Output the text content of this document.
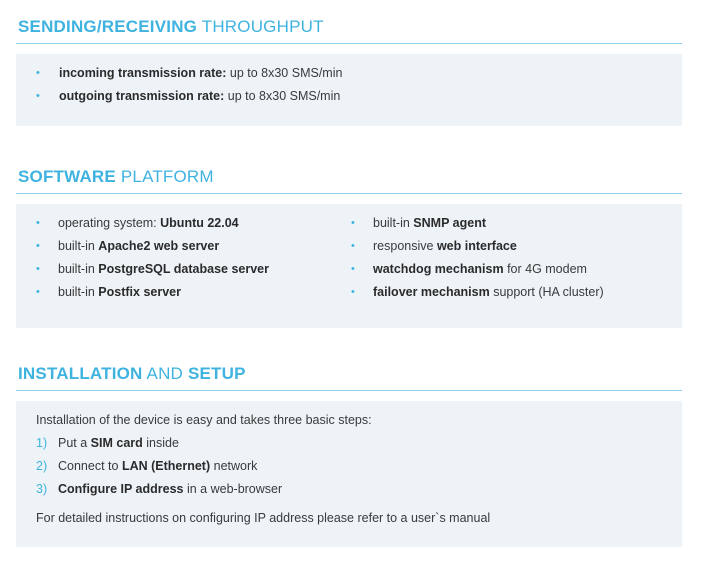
SENDING/RECEIVING THROUGHPUT
• incoming transmission rate: up to 8x30 SMS/min
• outgoing transmission rate: up to 8x30 SMS/min
SOFTWARE PLATFORM
• operating system: Ubuntu 22.04
• built-in Apache2 web server
• built-in PostgreSQL database server
• built-in Postfix server
• built-in SNMP agent
• responsive web interface
• watchdog mechanism for 4G modem
• failover mechanism support (HA cluster)
INSTALLATION AND SETUP
Installation of the device is easy and takes three basic steps:
1) Put a SIM card inside
2) Connect to LAN (Ethernet) network
3) Configure IP address in a web-browser
For detailed instructions on configuring IP address please refer to a user`s manual
